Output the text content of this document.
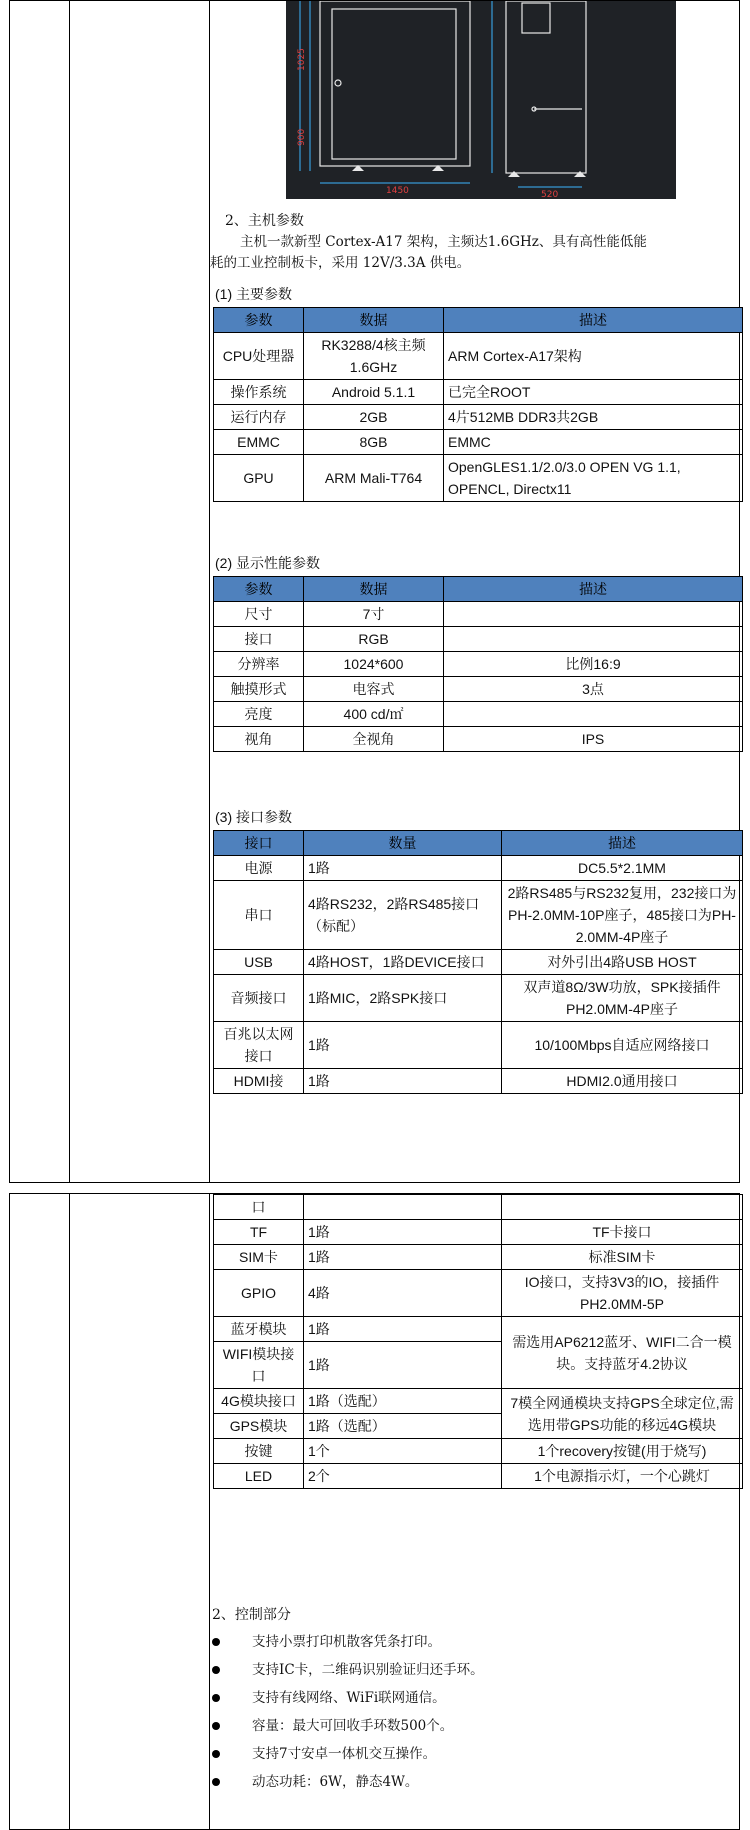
1025
900
1450	520
2、主机参数
主机一款新型 Cortex-A17 架构，主频达1.6GHz、具有高性能低能
耗的工业控制板卡，采用 12V/3.3A 供电。
(1) 主要参数
参数	数据	描述
CPU处理器	RK3288/4核主频1.6GHz	ARM Cortex-A17架构
操作系统	Android 5.1.1	已完全ROOT
运行内存	2GB	4片512MB DDR3共2GB
EMMC	8GB	EMMC
GPU	ARM Mali-T764	OpenGLES1.1/2.0/3.0 OPEN VG 1.1, OPENCL, Directx11
(2) 显示性能参数
参数	数据	描述
尺寸	7寸	
接口	RGB	
分辨率	1024*600	比例16:9
触摸形式	电容式	3点
亮度	400 cd/㎡	
视角	全视角	IPS
(3) 接口参数
接口	数量	描述
电源	1路	DC5.5*2.1MM
串口	4路RS232，2路RS485接口（标配）	2路RS485与RS232复用，232接口为PH-2.0MM-10P座子，485接口为PH-2.0MM-4P座子
USB	4路HOST，1路DEVICE接口	对外引出4路USB HOST
音频接口	1路MIC，2路SPK接口	双声道8Ω/3W功放，SPK接插件PH2.0MM-4P座子
百兆以太网接口	1路	10/100Mbps自适应网络接口
HDMI接	1路	HDMI2.0通用接口
口		
TF	1路	TF卡接口
SIM卡	1路	标准SIM卡
GPIO	4路	IO接口，支持3V3的IO，接插件PH2.0MM-5P
蓝牙模块	1路	需选用AP6212蓝牙、WIFI二合一模块。支持蓝牙4.2协议
WIFI模块接口	1路	
4G模块接口	1路（选配）	7模全网通模块支持GPS全球定位,需选用带GPS功能的移远4G模块
GPS模块	1路（选配）	
按键	1个	1个recovery按键(用于烧写)
LED	2个	1个电源指示灯，一个心跳灯
2、控制部分
支持小票打印机散客凭条打印。
支持IC卡，二维码识别验证归还手环。
支持有线网络、WiFi联网通信。
容量：最大可回收手环数500个。
支持7寸安卓一体机交互操作。
动态功耗：6W，静态4W。
